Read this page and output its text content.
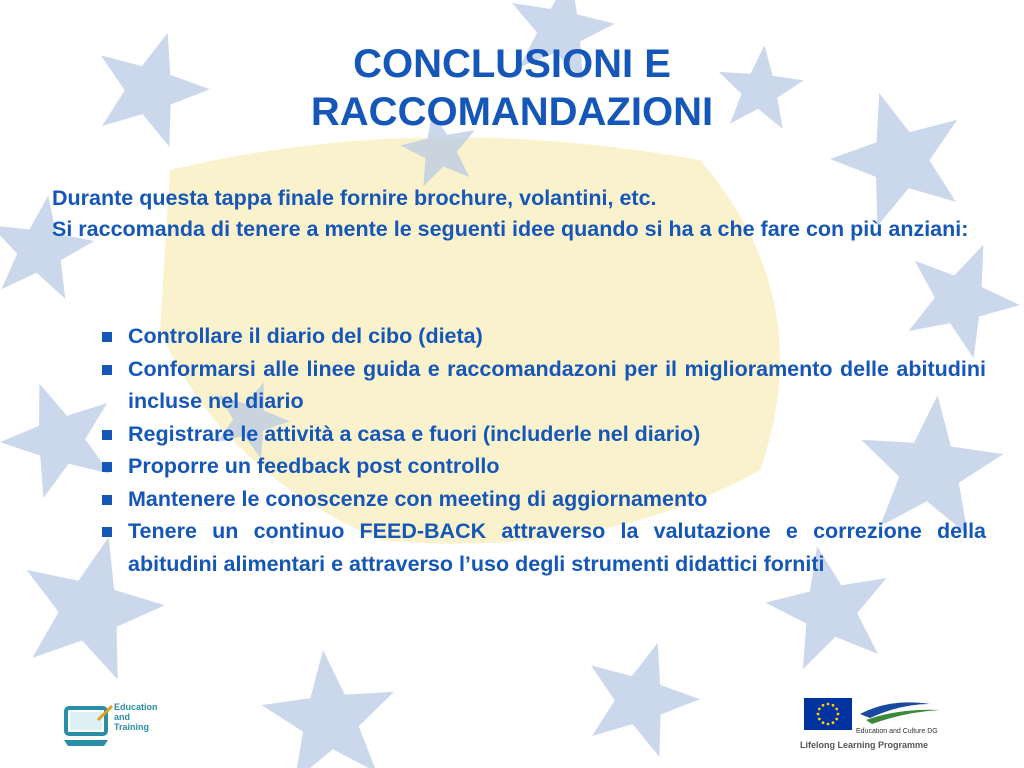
CONCLUSIONI E RACCOMANDAZIONI

Durante questa tappa finale fornire brochure, volantini, etc.

Si raccomanda di tenere a mente le seguenti idee quando si ha a che fare con più anziani:

Controllare il diario del cibo (dieta)
Conformarsi alle linee guida e raccomandazoni per il miglioramento delle abitudini incluse nel diario
Registrare le attività a casa e fuori (includerle nel diario)
Proporre un feedback post controllo
Mantenere le conoscenze con meeting di aggiornamento
Tenere un continuo FEED-BACK attraverso la valutazione e correzione della abitudini alimentari e attraverso l’uso degli strumenti didattici forniti
Education
and
Training	Education and Culture DG
Lifelong Learning Programme
